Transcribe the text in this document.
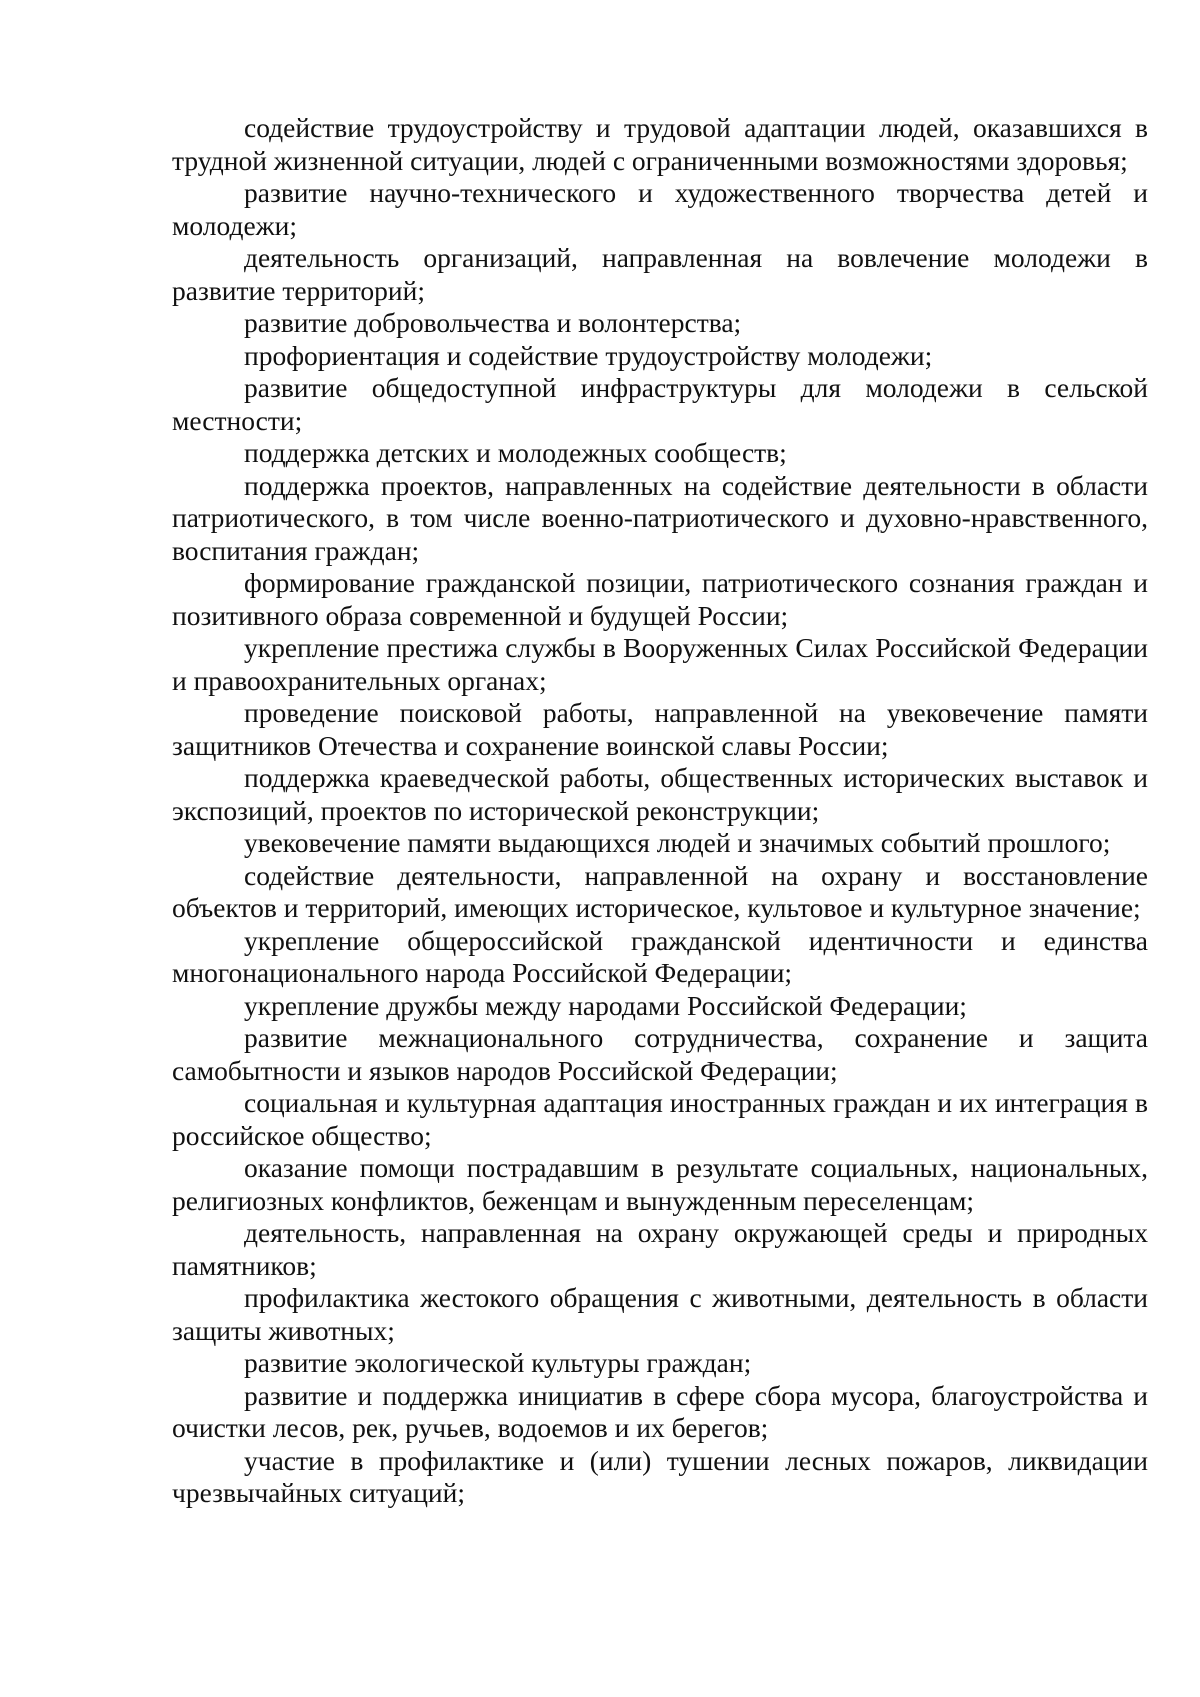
содействие трудоустройству и трудовой адаптации людей, оказавшихся в трудной жизненной ситуации, людей с ограниченными возможностями здоровья;

развитие научно-технического и художественного творчества детей и молодежи;

деятельность организаций, направленная на вовлечение молодежи в развитие территорий;

развитие добровольчества и волонтерства;

профориентация и содействие трудоустройству молодежи;

развитие общедоступной инфраструктуры для молодежи в сельской местности;

поддержка детских и молодежных сообществ;

поддержка проектов, направленных на содействие деятельности в области патриотического, в том числе военно-патриотического и духовно-нравственного, воспитания граждан;

формирование гражданской позиции, патриотического сознания граждан и позитивного образа современной и будущей России;

укрепление престижа службы в Вооруженных Силах Российской Федерации и правоохранительных органах;

проведение поисковой работы, направленной на увековечение памяти защитников Отечества и сохранение воинской славы России;

поддержка краеведческой работы, общественных исторических выставок и экспозиций, проектов по исторической реконструкции;

увековечение памяти выдающихся людей и значимых событий прошлого;

содействие деятельности, направленной на охрану и восстановление объектов и территорий, имеющих историческое, культовое и культурное значение;

укрепление общероссийской гражданской идентичности и единства многонационального народа Российской Федерации;

укрепление дружбы между народами Российской Федерации;

развитие межнационального сотрудничества, сохранение и защита самобытности и языков народов Российской Федерации;

социальная и культурная адаптация иностранных граждан и их интеграция в российское общество;

оказание помощи пострадавшим в результате социальных, национальных, религиозных конфликтов, беженцам и вынужденным переселенцам;

деятельность, направленная на охрану окружающей среды и природных памятников;

профилактика жестокого обращения с животными, деятельность в области защиты животных;

развитие экологической культуры граждан;

развитие и поддержка инициатив в сфере сбора мусора, благоустройства и очистки лесов, рек, ручьев, водоемов и их берегов;

участие в профилактике и (или) тушении лесных пожаров, ликвидации чрезвычайных ситуаций;
